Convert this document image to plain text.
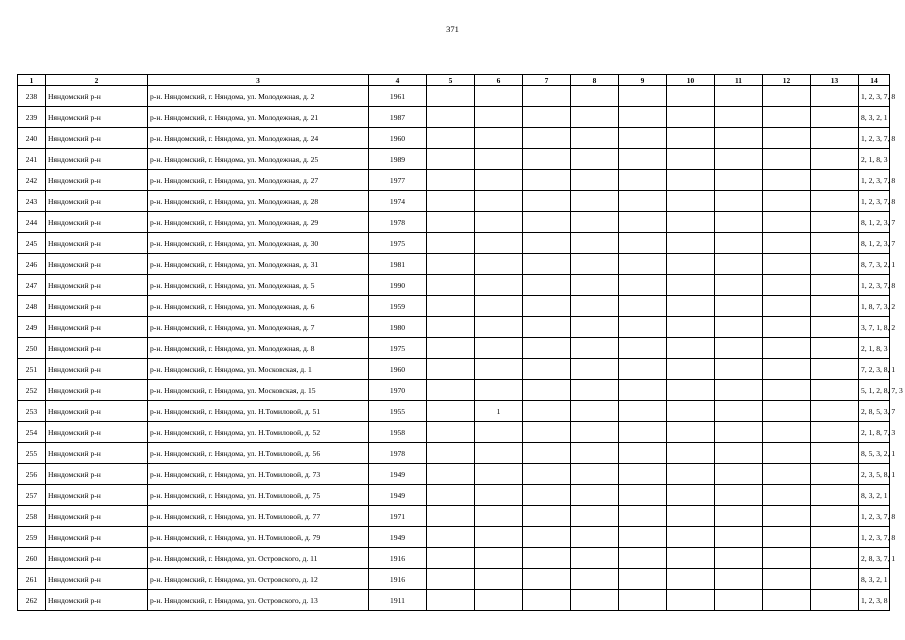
371
1	2	3	4	5	6	7	8	9	10	11	12	13	14
238	Няндомский р-н	р-н. Няндомский, г. Няндома, ул. Молодежная, д. 2	1961										1, 2, 3, 7, 8
239	Няндомский р-н	р-н. Няндомский, г. Няндома, ул. Молодежная, д. 21	1987										8, 3, 2, 1
240	Няндомский р-н	р-н. Няндомский, г. Няндома, ул. Молодежная, д. 24	1960										1, 2, 3, 7, 8
241	Няндомский р-н	р-н. Няндомский, г. Няндома, ул. Молодежная, д. 25	1989										2, 1, 8, 3
242	Няндомский р-н	р-н. Няндомский, г. Няндома, ул. Молодежная, д. 27	1977										1, 2, 3, 7, 8
243	Няндомский р-н	р-н. Няндомский, г. Няндома, ул. Молодежная, д. 28	1974										1, 2, 3, 7, 8
244	Няндомский р-н	р-н. Няндомский, г. Няндома, ул. Молодежная, д. 29	1978										8, 1, 2, 3, 7
245	Няндомский р-н	р-н. Няндомский, г. Няндома, ул. Молодежная, д. 30	1975										8, 1, 2, 3, 7
246	Няндомский р-н	р-н. Няндомский, г. Няндома, ул. Молодежная, д. 31	1981										8, 7, 3, 2, 1
247	Няндомский р-н	р-н. Няндомский, г. Няндома, ул. Молодежная, д. 5	1990										1, 2, 3, 7, 8
248	Няндомский р-н	р-н. Няндомский, г. Няндома, ул. Молодежная, д. 6	1959										1, 8, 7, 3, 2
249	Няндомский р-н	р-н. Няндомский, г. Няндома, ул. Молодежная, д. 7	1980										3, 7, 1, 8, 2
250	Няндомский р-н	р-н. Няндомский, г. Няндома, ул. Молодежная, д. 8	1975										2, 1, 8, 3
251	Няндомский р-н	р-н. Няндомский, г. Няндома, ул. Московская, д. 1	1960										7, 2, 3, 8, 1
252	Няндомский р-н	р-н. Няндомский, г. Няндома, ул. Московская, д. 15	1970										5, 1, 2, 8, 7, 3
253	Няндомский р-н	р-н. Няндомский, г. Няндома, ул. Н.Томиловой, д. 51	1955		1								2, 8, 5, 3, 7
254	Няндомский р-н	р-н. Няндомский, г. Няндома, ул. Н.Томиловой, д. 52	1958										2, 1, 8, 7, 3
255	Няндомский р-н	р-н. Няндомский, г. Няндома, ул. Н.Томиловой, д. 56	1978										8, 5, 3, 2, 1
256	Няндомский р-н	р-н. Няндомский, г. Няндома, ул. Н.Томиловой, д. 73	1949										2, 3, 5, 8, 1
257	Няндомский р-н	р-н. Няндомский, г. Няндома, ул. Н.Томиловой, д. 75	1949										8, 3, 2, 1
258	Няндомский р-н	р-н. Няндомский, г. Няндома, ул. Н.Томиловой, д. 77	1971										1, 2, 3, 7, 8
259	Няндомский р-н	р-н. Няндомский, г. Няндома, ул. Н.Томиловой, д. 79	1949										1, 2, 3, 7, 8
260	Няндомский р-н	р-н. Няндомский, г. Няндома, ул. Островского, д. 11	1916										2, 8, 3, 7, 1
261	Няндомский р-н	р-н. Няндомский, г. Няндома, ул. Островского, д. 12	1916										8, 3, 2, 1
262	Няндомский р-н	р-н. Няндомский, г. Няндома, ул. Островского, д. 13	1911										1, 2, 3, 8
